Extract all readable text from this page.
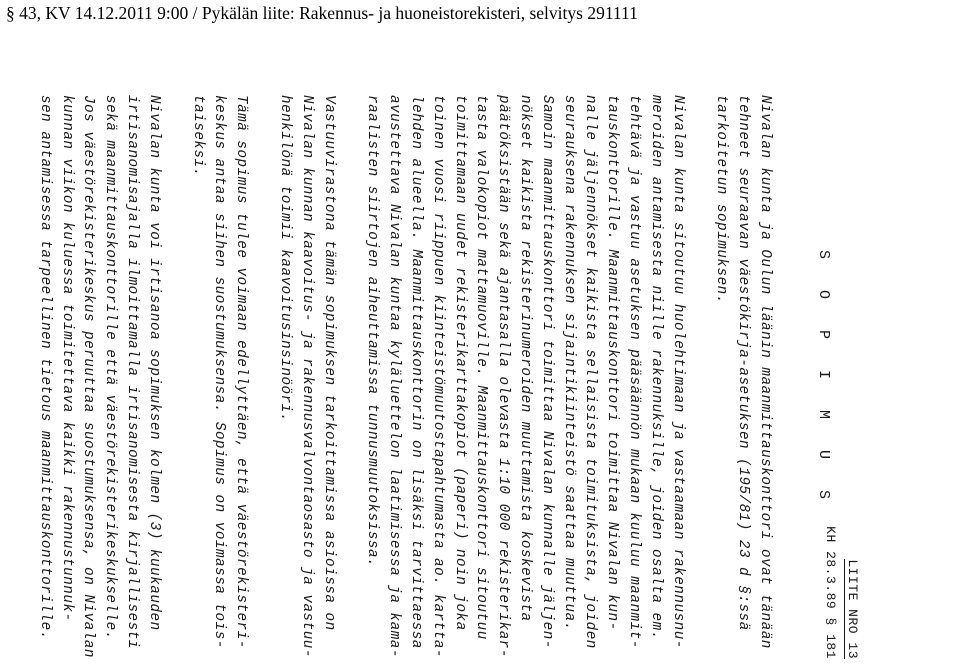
§ 43, KV 14.12.2011 9:00 / Pykälän liite: Rakennus- ja huoneistorekisteri, selvitys 291111
LIITE NRO 13
KH 28.3.89 § 181
S O P I M U S
Nivalan kunta ja Oulun läänin maanmittauskonttori ovat tänään
tehneet seuraavan väestökirja-asetuksen (195/81) 23 d §:ssä
tarkoitetun sopimuksen.
Nivalan kunta sitoutuu huolehtimaan ja vastaamaan rakennusnu-
meroiden antamisesta niille rakennuksille, joiden osalta em.
tehtävä ja vastuu asetuksen pääsäännön mukaan kuuluu maanmit-
tauskonttorille. Maanmittauskonttori toimittaa Nivalan kun-
nalle jäljennökset kaikista sellaisista toimituksista, joiden
seurauksena rakennuksen sijaintikiinteistö saattaa muuttua.
Samoin maanmittauskonttori toimittaa Nivalan kunnalle jäljen-
nökset kaikista rekisterinumeroiden muuttamista koskevista
päätöksistään sekä ajantasalla olevasta 1:10 000 rekisterikar-
tasta valokopiot mattamuoville. Maanmittauskonttori sitoutuu
toimittamaan uudet rekisterikarttakopiot (paperi) noin joka
toinen vuosi riippuen kiinteistömuutostapahtumasta ao. kartta-
lehden alueella. Maanmittauskonttorin on lisäksi tarvittaessa
avustettava Nivalan kuntaa kyläluettelon laatimisessa ja kama-
raalisten siirtojen aiheuttamissa tunnusmuutoksissa.
Vastuuvirastona tämän sopimuksen tarkoittamissa asioissa on
Nivalan kunnan kaavoitus- ja rakennusvalvontaosasto ja vastuu-
henkilönä toimii kaavoitusinsinööri.
Tämä sopimus tulee voimaan edellyttäen, että väestörekisteri-
keskus antaa siihen suostumuksensa. Sopimus on voimassa tois-
taiseksi.
Nivalan kunta voi irtisanoa sopimuksen kolmen (3) kuukauden
irtisanomisajalla ilmoittamalla irtisanomisesta kirjallisesti
sekä maanmittauskonttorille että väestörekisterikeskukselle.
Jos väestörekisterikeskus peruuttaa suostumuksensa, on Nivalan
kunnan viikon kuluessa toimitettava kaikki rakennustunnuk-
sen antamisessa tarpeellinen tietous maanmittauskonttorille.
